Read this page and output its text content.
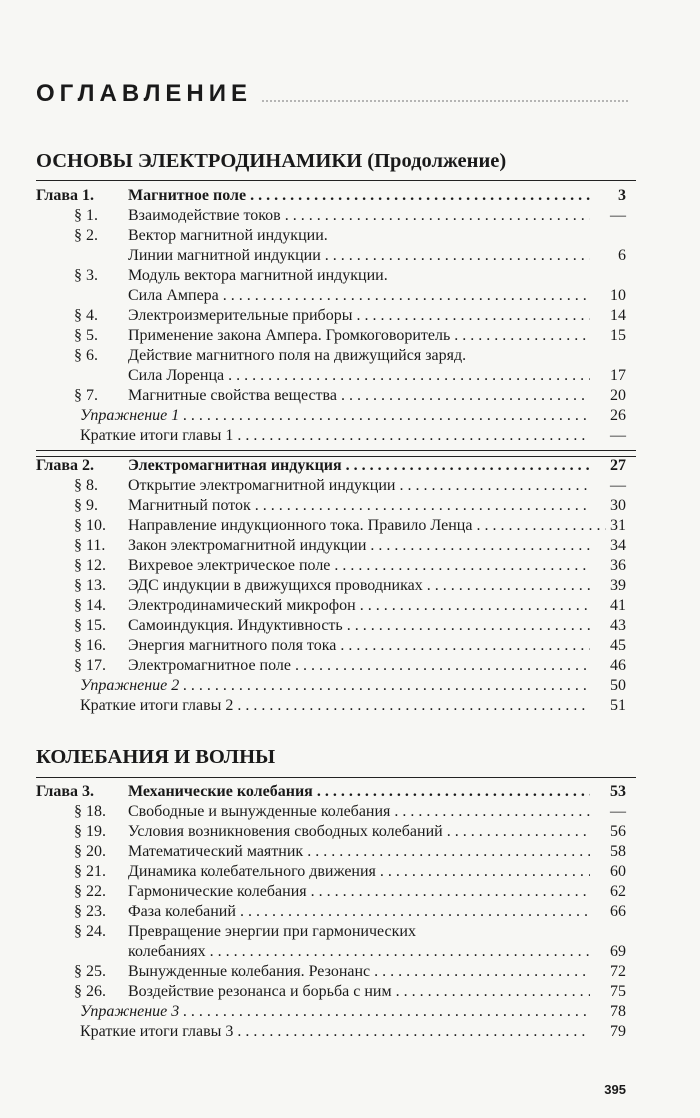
ОГЛАВЛЕНИЕ
ОСНОВЫ ЭЛЕКТРОДИНАМИКИ (Продолжение)
Глава 1. Магнитное поле . . .	3
§ 1. Взаимодействие токов . . .	—
§ 2. Вектор магнитной индукции.
Линии магнитной индукции . . .	6
§ 3. Модуль вектора магнитной индукции.
Сила Ампера . . .	10
§ 4. Электроизмерительные приборы . . .	14
§ 5. Применение закона Ампера. Громкоговоритель . . .	15
§ 6. Действие магнитного поля на движущийся заряд.
Сила Лоренца . . .	17
§ 7. Магнитные свойства вещества . . .	20
Упражнение 1 . . .	26
Краткие итоги главы 1 . . .	—
Глава 2. Электромагнитная индукция . . .	27
§ 8. Открытие электромагнитной индукции . . .	—
§ 9. Магнитный поток . . .	30
§ 10. Направление индукционного тока. Правило Ленца . . .	31
§ 11. Закон электромагнитной индукции . . .	34
§ 12. Вихревое электрическое поле . . .	36
§ 13. ЭДС индукции в движущихся проводниках . . .	39
§ 14. Электродинамический микрофон . . .	41
§ 15. Самоиндукция. Индуктивность . . .	43
§ 16. Энергия магнитного поля тока . . .	45
§ 17. Электромагнитное поле . . .	46
Упражнение 2 . . .	50
Краткие итоги главы 2 . . .	51
КОЛЕБАНИЯ И ВОЛНЫ
Глава 3. Механические колебания . . .	53
§ 18. Свободные и вынужденные колебания . . .	—
§ 19. Условия возникновения свободных колебаний . . .	56
§ 20. Математический маятник . . .	58
§ 21. Динамика колебательного движения . . .	60
§ 22. Гармонические колебания . . .	62
§ 23. Фаза колебаний . . .	66
§ 24. Превращение энергии при гармонических
колебаниях . . .	69
§ 25. Вынужденные колебания. Резонанс . . .	72
§ 26. Воздействие резонанса и борьба с ним . . .	75
Упражнение 3 . . .	78
Краткие итоги главы 3 . . .	79
395
